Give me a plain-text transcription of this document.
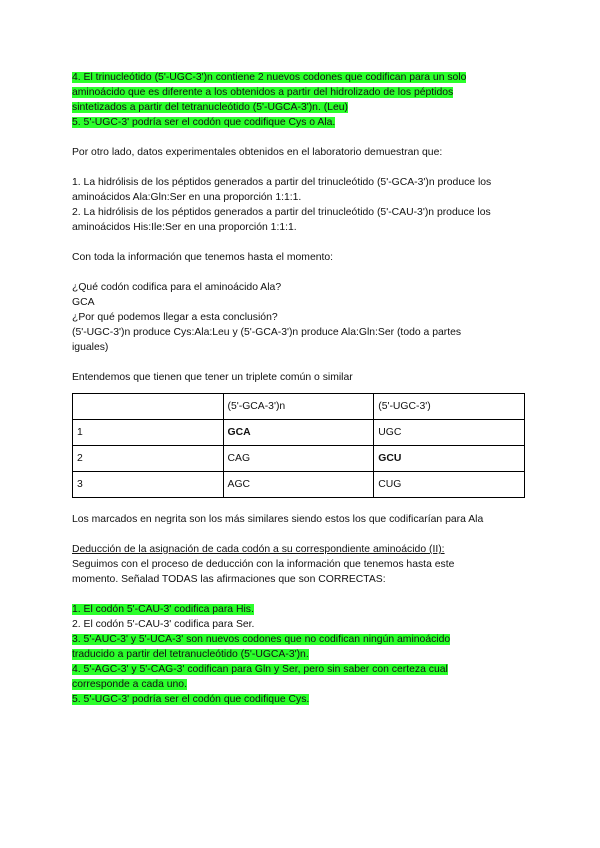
4. El trinucleótido (5'-UGC-3')n contiene 2 nuevos codones que codifican para un solo
aminoácido que es diferente a los obtenidos a partir del hidrolizado de los péptidos
sintetizados a partir del tetranucleótido (5'-UGCA-3')n. (Leu)
5. 5'-UGC-3' podría ser el codón que codifique Cys o Ala.
Por otro lado, datos experimentales obtenidos en el laboratorio demuestran que:
1. La hidrólisis de los péptidos generados a partir del trinucleótido (5'-GCA-3')n produce los
aminoácidos Ala:Gln:Ser en una proporción 1:1:1.
2. La hidrólisis de los péptidos generados a partir del trinucleótido (5'-CAU-3')n produce los
aminoácidos His:Ile:Ser en una proporción 1:1:1.
Con toda la información que tenemos hasta el momento:
¿Qué codón codifica para el aminoácido Ala?
GCA
¿Por qué podemos llegar a esta conclusión?
(5'-UGC-3')n produce Cys:Ala:Leu y (5'-GCA-3')n produce Ala:Gln:Ser (todo a partes
iguales)
Entendemos que tienen que tener un triplete común o similar
	(5'-GCA-3')n	(5'-UGC-3')
1	GCA	UGC
2	CAG	GCU
3	AGC	CUG
Los marcados en negrita son los más similares siendo estos los que codificarían para Ala
Deducción de la asignación de cada codón a su correspondiente aminoácido (II):
Seguimos con el proceso de deducción con la información que tenemos hasta este
momento. Señalad TODAS las afirmaciones que son CORRECTAS:
1. El codón 5'-CAU-3' codifica para His.
2. El codón 5'-CAU-3' codifica para Ser.
3. 5'-AUC-3' y 5'-UCA-3' son nuevos codones que no codifican ningún aminoácido
traducido a partir del tetranucleótido (5'-UGCA-3')n.
4. 5'-AGC-3' y 5'-CAG-3' codifican para Gln y Ser, pero sin saber con certeza cual
corresponde a cada uno.
5. 5'-UGC-3' podría ser el codón que codifique Cys.
